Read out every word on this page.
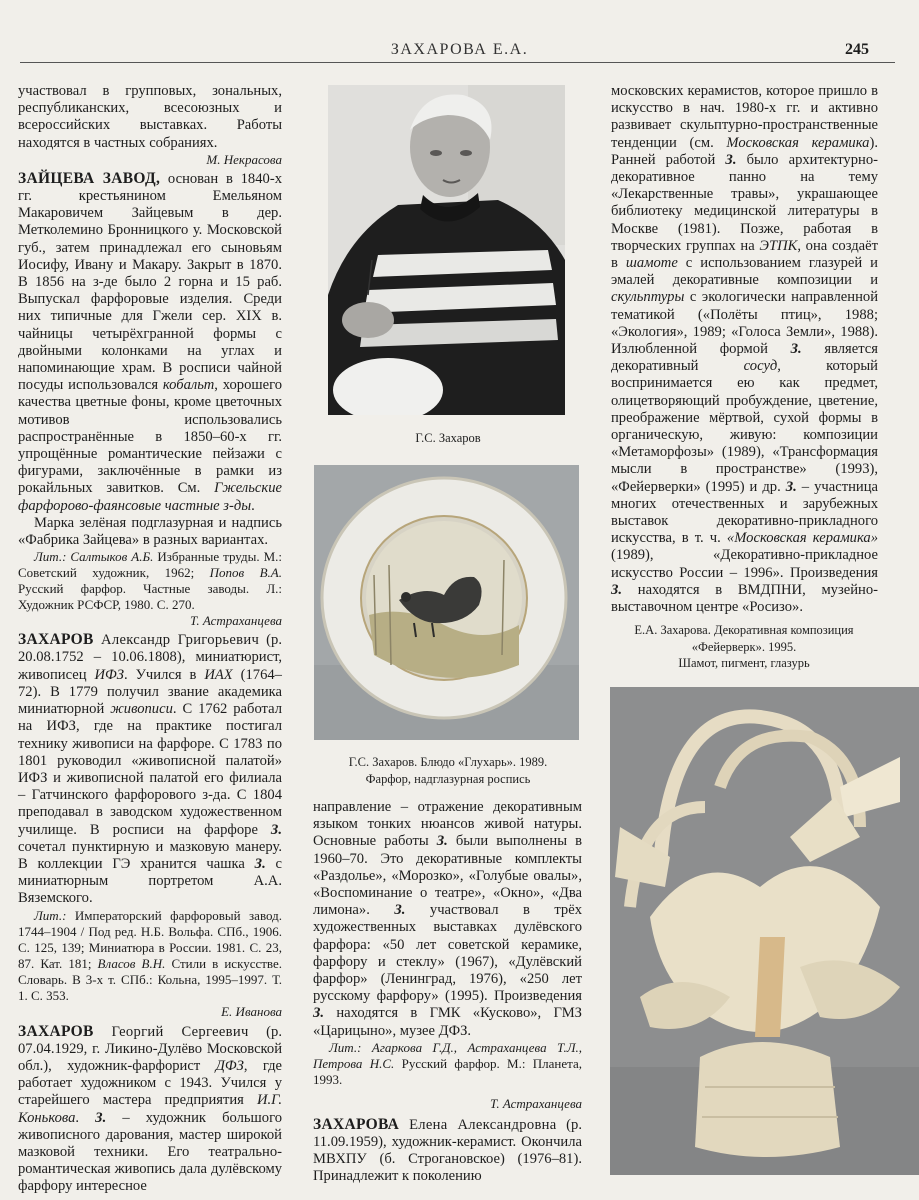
ЗАХАРОВА Е.А.	245

участвовал в групповых, зональных, республиканских, всесоюзных и всероссийских выставках. Работы находятся в частных собраниях.

М. Некрасова

ЗАЙЦЕВА ЗАВОД, основан в 1840-х гг. крестьянином Емельяном Макаровичем Зайцевым в дер. Метколемино Бронницкого у. Московской губ., затем принадлежал его сыновьям Иосифу, Ивану и Макару. Закрыт в 1870. В 1856 на з-де было 2 горна и 15 раб. Выпускал фарфоровые изделия. Среди них типичные для Гжели сер. XIX в. чайницы четырёхгранной формы с двойными колонками на углах и напоминающие храм. В росписи чайной посуды использовался кобальт, хорошего качества цветные фоны, кроме цветочных мотивов использовались распространённые в 1850–60-х гг. упрощённые романтические пейзажи с фигурами, заключённые в рамки из рокайльных завитков. См. Гжельские фарфорово-фаянсовые частные з-ды.

Марка зелёная подглазурная и надпись «Фабрика Зайцева» в разных вариантах.

Лит.: Салтыков А.Б. Избранные труды. М.: Советский художник, 1962; Попов В.А. Русский фарфор. Частные заводы. Л.: Художник РСФСР, 1980. С. 270.
Т. Астраханцева

ЗАХАРОВ Александр Григорьевич (р. 20.08.1752 – 10.06.1808), миниатюрист, живописец ИФЗ. Учился в ИАХ (1764–72). В 1779 получил звание академика миниатюрной живописи. С 1762 работал на ИФЗ, где на практике постигал технику живописи на фарфоре. С 1783 по 1801 руководил «живописной палатой» ИФЗ и живописной палатой его филиала – Гатчинского фарфорового з-да. С 1804 преподавал в заводском художественном училище. В росписи на фарфоре З. сочетал пунктирную и мазковую манеру. В коллекции ГЭ хранится чашка З. с миниатюрным портретом А.А. Вяземского.

Лит.: Императорский фарфоровый завод. 1744–1904 / Под ред. Н.Б. Вольфа. СПб., 1906. С. 125, 139; Миниатюра в России. 1981. С. 23, 87. Кат. 181; Власов В.Н. Стили в искусстве. Словарь. В 3-х т. СПб.: Кольна, 1995–1997. Т. 1. С. 353.
Е. Иванова

ЗАХАРОВ Георгий Сергеевич (р. 07.04.1929, г. Ликино-Дулёво Московской обл.), художник-фарфорист ДФЗ, где работает художником с 1943. Учился у старейшего мастера предприятия И.Г. Конькова. З. – художник большого живописного дарования, мастер широкой мазковой техники. Его театрально-романтическая живопись дала дулёвскому фарфору интересное

Г.С. Захаров
Г.С. Захаров. Блюдо «Глухарь». 1989.
Фарфор, надглазурная роспись

направление – отражение декоративным языком тонких нюансов живой натуры. Основные работы З. были выполнены в 1960–70. Это декоративные комплекты «Раздолье», «Морозко», «Голубые овалы», «Воспоминание о театре», «Окно», «Два лимона». З. участвовал в трёх художественных выставках дулёвского фарфора: «50 лет советской керамике, фарфору и стеклу» (1967), «Дулёвский фарфор» (Ленинград, 1976), «250 лет русскому фарфору» (1995). Произведения З. находятся в ГМК «Кусково», ГМЗ «Царицыно», музее ДФЗ.

Лит.: Агаркова Г.Д., Астраханцева Т.Л., Петрова Н.С. Русский фарфор. М.: Планета, 1993.
Т. Астраханцева

ЗАХАРОВА Елена Александровна (р. 11.09.1959), художник-керамист. Окончила МВХПУ (б. Строгановское) (1976–81). Принадлежит к поколению

московских керамистов, которое пришло в искусство в нач. 1980-х гг. и активно развивает скульптурно-пространственные тенденции (см. Московская керамика). Ранней работой З. было архитектурно-декоративное панно на тему «Лекарственные травы», украшающее библиотеку медицинской литературы в Москве (1981). Позже, работая в творческих группах на ЭТПК, она создаёт в шамоте с использованием глазурей и эмалей декоративные композиции и скульптуры с экологически направленной тематикой («Полёты птиц», 1988; «Экология», 1989; «Голоса Земли», 1988). Излюбленной формой З. является декоративный сосуд, который воспринимается ею как предмет, олицетворяющий пробуждение, цветение, преображение мёртвой, сухой формы в органическую, живую: композиции «Метаморфозы» (1989), «Трансформация мысли в пространстве» (1993), «Фейерверки» (1995) и др. З. – участница многих отечественных и зарубежных выставок декоративно-прикладного искусства, в т. ч. «Московская керамика» (1989), «Декоративно-прикладное искусство России – 1996». Произведения З. находятся в ВМДПНИ, музейно-выставочном центре «Росизо».

Е.А. Захарова. Декоративная композиция
«Фейерверк». 1995.
Шамот, пигмент, глазурь
